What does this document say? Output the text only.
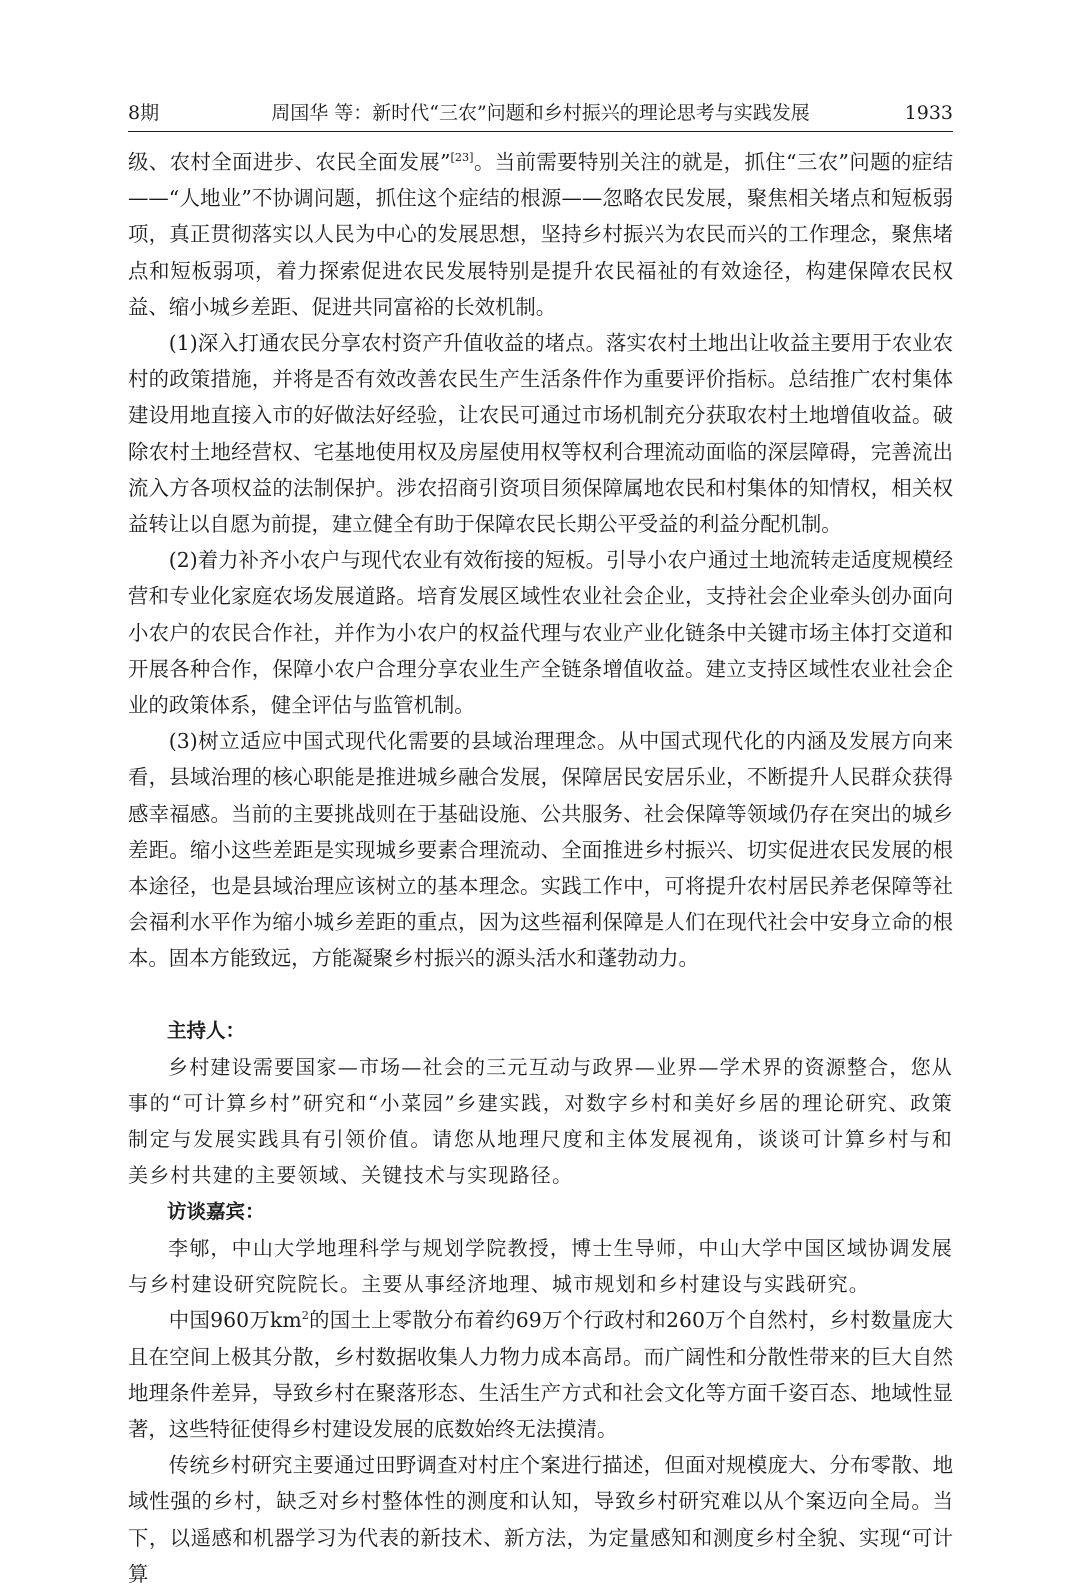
8期	周国华 等：新时代“三农”问题和乡村振兴的理论思考与实践发展	1933

级、农村全面进步、农民全面发展”[23]。当前需要特别关注的就是，抓住“三农”问题的症结——“人地业”不协调问题，抓住这个症结的根源——忽略农民发展，聚焦相关堵点和短板弱项，真正贯彻落实以人民为中心的发展思想，坚持乡村振兴为农民而兴的工作理念，聚焦堵点和短板弱项，着力探索促进农民发展特别是提升农民福祉的有效途径，构建保障农民权益、缩小城乡差距、促进共同富裕的长效机制。

(1)深入打通农民分享农村资产升值收益的堵点。落实农村土地出让收益主要用于农业农村的政策措施，并将是否有效改善农民生产生活条件作为重要评价指标。总结推广农村集体建设用地直接入市的好做法好经验，让农民可通过市场机制充分获取农村土地增值收益。破除农村土地经营权、宅基地使用权及房屋使用权等权利合理流动面临的深层障碍，完善流出流入方各项权益的法制保护。涉农招商引资项目须保障属地农民和村集体的知情权，相关权益转让以自愿为前提，建立健全有助于保障农民长期公平受益的利益分配机制。

(2)着力补齐小农户与现代农业有效衔接的短板。引导小农户通过土地流转走适度规模经营和专业化家庭农场发展道路。培育发展区域性农业社会企业，支持社会企业牵头创办面向小农户的农民合作社，并作为小农户的权益代理与农业产业化链条中关键市场主体打交道和开展各种合作，保障小农户合理分享农业生产全链条增值收益。建立支持区域性农业社会企业的政策体系，健全评估与监管机制。

(3)树立适应中国式现代化需要的县域治理理念。从中国式现代化的内涵及发展方向来看，县域治理的核心职能是推进城乡融合发展，保障居民安居乐业，不断提升人民群众获得感幸福感。当前的主要挑战则在于基础设施、公共服务、社会保障等领域仍存在突出的城乡差距。缩小这些差距是实现城乡要素合理流动、全面推进乡村振兴、切实促进农民发展的根本途径，也是县域治理应该树立的基本理念。实践工作中，可将提升农村居民养老保障等社会福利水平作为缩小城乡差距的重点，因为这些福利保障是人们在现代社会中安身立命的根本。固本方能致远，方能凝聚乡村振兴的源头活水和蓬勃动力。

主持人：

乡村建设需要国家—市场—社会的三元互动与政界—业界—学术界的资源整合，您从事的“可计算乡村”研究和“小菜园”乡建实践，对数字乡村和美好乡居的理论研究、政策制定与发展实践具有引领价值。请您从地理尺度和主体发展视角，谈谈可计算乡村与和美乡村共建的主要领域、关键技术与实现路径。

访谈嘉宾：

李郇，中山大学地理科学与规划学院教授，博士生导师，中山大学中国区域协调发展与乡村建设研究院院长。主要从事经济地理、城市规划和乡村建设与实践研究。

中国960万$km^2$的国土上零散分布着约69万个行政村和260万个自然村，乡村数量庞大且在空间上极其分散，乡村数据收集人力物力成本高昂。而广阔性和分散性带来的巨大自然地理条件差异，导致乡村在聚落形态、生活生产方式和社会文化等方面千姿百态、地域性显著，这些特征使得乡村建设发展的底数始终无法摸清。

传统乡村研究主要通过田野调查对村庄个案进行描述，但面对规模庞大、分布零散、地域性强的乡村，缺乏对乡村整体性的测度和认知，导致乡村研究难以从个案迈向全局。当下，以遥感和机器学习为代表的新技术、新方法，为定量感知和测度乡村全貌、实现“可计算
